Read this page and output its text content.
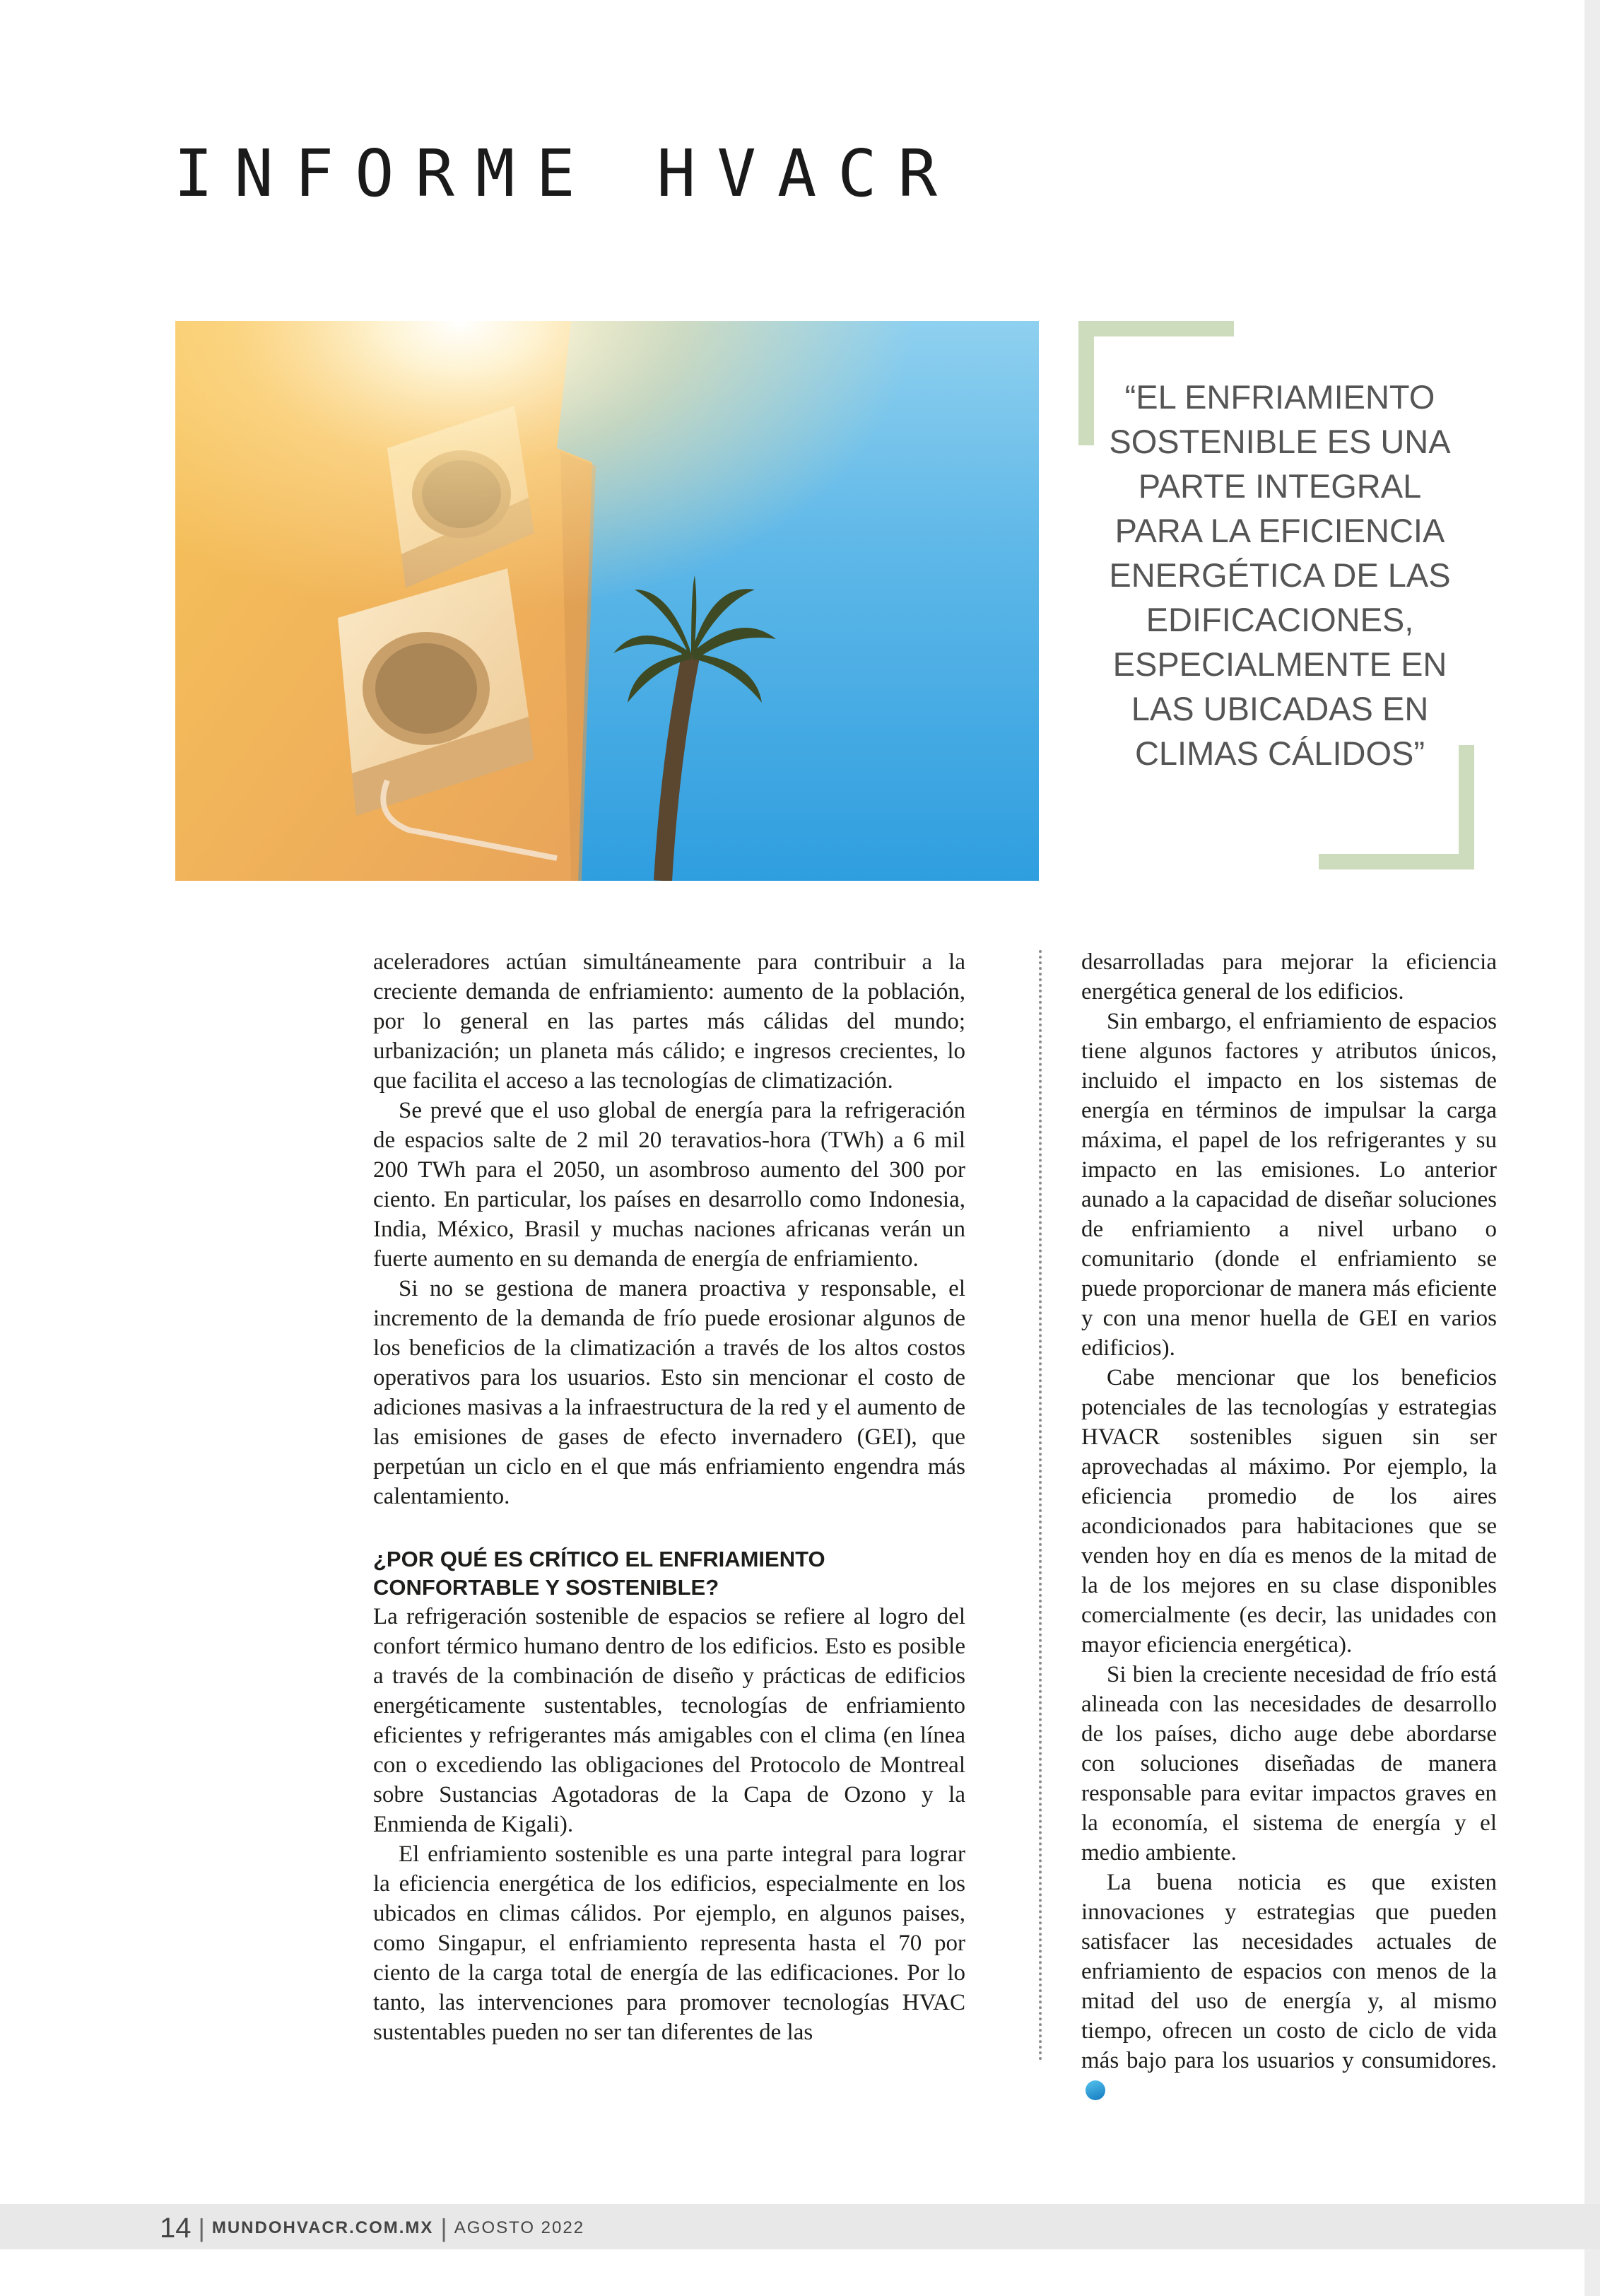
INFORME HVACR

“EL ENFRIAMIENTO SOSTENIBLE ES UNA PARTE INTEGRAL PARA LA EFICIENCIA ENERGÉTICA DE LAS EDIFICACIONES, ESPECIALMENTE EN LAS UBICADAS EN CLIMAS CÁLIDOS”

aceleradores actúan simultáneamente para contribuir a la creciente demanda de enfriamiento: aumento de la población, por lo general en las partes más cálidas del mundo; urbanización; un planeta más cálido; e ingresos crecientes, lo que facilita el acceso a las tecnologías de climatización.

Se prevé que el uso global de energía para la refrigeración de espacios salte de 2 mil 20 teravatios-hora (TWh) a 6 mil 200 TWh para el 2050, un asombroso aumento del 300 por ciento. En particular, los países en desarrollo como Indonesia, India, México, Brasil y muchas naciones africanas verán un fuerte aumento en su demanda de energía de enfriamiento.

Si no se gestiona de manera proactiva y responsable, el incremento de la demanda de frío puede erosionar algunos de los beneficios de la climatización a través de los altos costos operativos para los usuarios. Esto sin mencionar el costo de adiciones masivas a la infraestructura de la red y el aumento de las emisiones de gases de efecto invernadero (GEI), que perpetúan un ciclo en el que más enfriamiento engendra más calentamiento.

¿POR QUÉ ES CRÍTICO EL ENFRIAMIENTO CONFORTABLE Y SOSTENIBLE?

La refrigeración sostenible de espacios se refiere al logro del confort térmico humano dentro de los edificios. Esto es posible a través de la combinación de diseño y prácticas de edificios energéticamente sustentables, tecnologías de enfriamiento eficientes y refrigerantes más amigables con el clima (en línea con o excediendo las obligaciones del Protocolo de Montreal sobre Sustancias Agotadoras de la Capa de Ozono y la Enmienda de Kigali).

El enfriamiento sostenible es una parte integral para lograr la eficiencia energética de los edificios, especialmente en los ubicados en climas cálidos. Por ejemplo, en algunos paises, como Singapur, el enfriamiento representa hasta el 70 por ciento de la carga total de energía de las edificaciones. Por lo tanto, las intervenciones para promover tecnologías HVAC sustentables pueden no ser tan diferentes de las

desarrolladas para mejorar la eficiencia energética general de los edificios.

Sin embargo, el enfriamiento de espacios tiene algunos factores y atributos únicos, incluido el impacto en los sistemas de energía en términos de impulsar la carga máxima, el papel de los refrigerantes y su impacto en las emisiones. Lo anterior aunado a la capacidad de diseñar soluciones de enfriamiento a nivel urbano o comunitario (donde el enfriamiento se puede proporcionar de manera más eficiente y con una menor huella de GEI en varios edificios).

Cabe mencionar que los beneficios potenciales de las tecnologías y estrategias HVACR sostenibles siguen sin ser aprovechadas al máximo. Por ejemplo, la eficiencia promedio de los aires acondicionados para habitaciones que se venden hoy en día es menos de la mitad de la de los mejores en su clase disponibles comercialmente (es decir, las unidades con mayor eficiencia energética).

Si bien la creciente necesidad de frío está alineada con las necesidades de desarrollo de los países, dicho auge debe abordarse con soluciones diseñadas de manera responsable para evitar impactos graves en la economía, el sistema de energía y el medio ambiente.

La buena noticia es que existen innovaciones y estrategias que pueden satisfacer las necesidades actuales de enfriamiento de espacios con menos de la mitad del uso de energía y, al mismo tiempo, ofrecen un costo de ciclo de vida más bajo para los usuarios y consumidores.

14 | MUNDOHVACR.COM.MX | AGOSTO 2022
